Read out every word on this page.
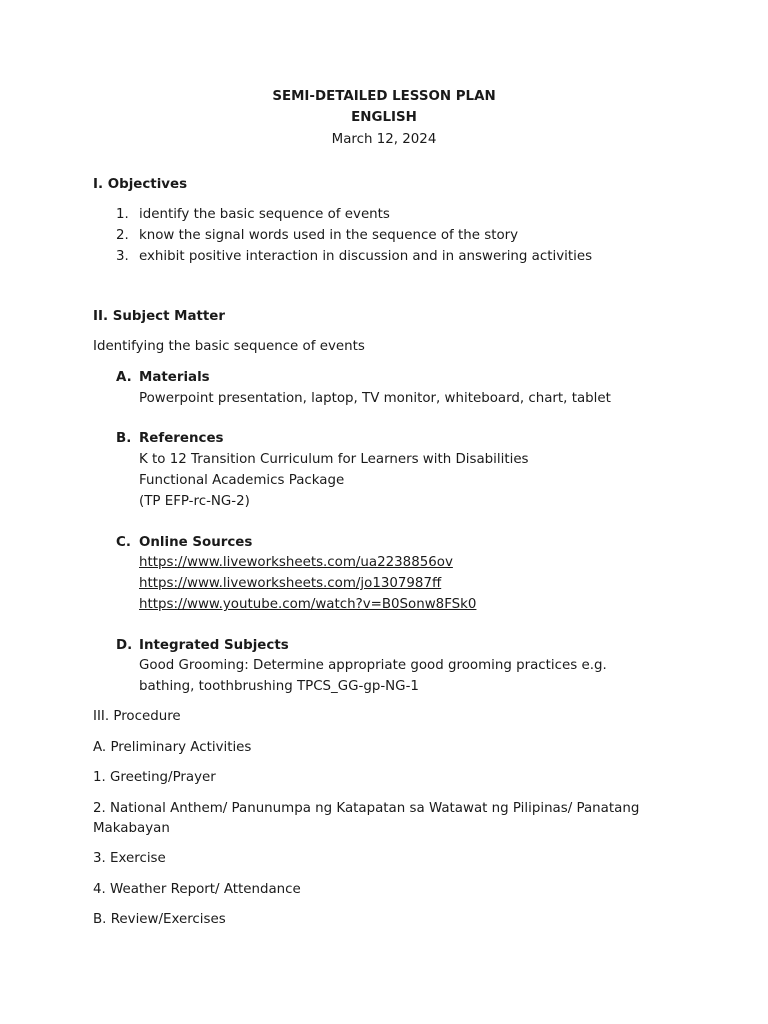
SEMI-DETAILED LESSON PLAN
ENGLISH
March 12, 2024
I. Objectives
1. identify the basic sequence of events
2. know the signal words used in the sequence of the story
3. exhibit positive interaction in discussion and in answering activities
II. Subject Matter
Identifying the basic sequence of events
A. Materials
Powerpoint presentation, laptop, TV monitor, whiteboard, chart, tablet
B. References
K to 12 Transition Curriculum for Learners with Disabilities
Functional Academics Package
(TP EFP-rc-NG-2)
C. Online Sources
https://www.liveworksheets.com/ua2238856ov
https://www.liveworksheets.com/jo1307987ff
https://www.youtube.com/watch?v=B0Sonw8FSk0
D. Integrated Subjects
Good Grooming: Determine appropriate good grooming practices e.g.
bathing, toothbrushing TPCS_GG-gp-NG-1
III. Procedure
A. Preliminary Activities
1. Greeting/Prayer
2. National Anthem/ Panunumpa ng Katapatan sa Watawat ng Pilipinas/ Panatang
Makabayan
3. Exercise
4. Weather Report/ Attendance
B. Review/Exercises
